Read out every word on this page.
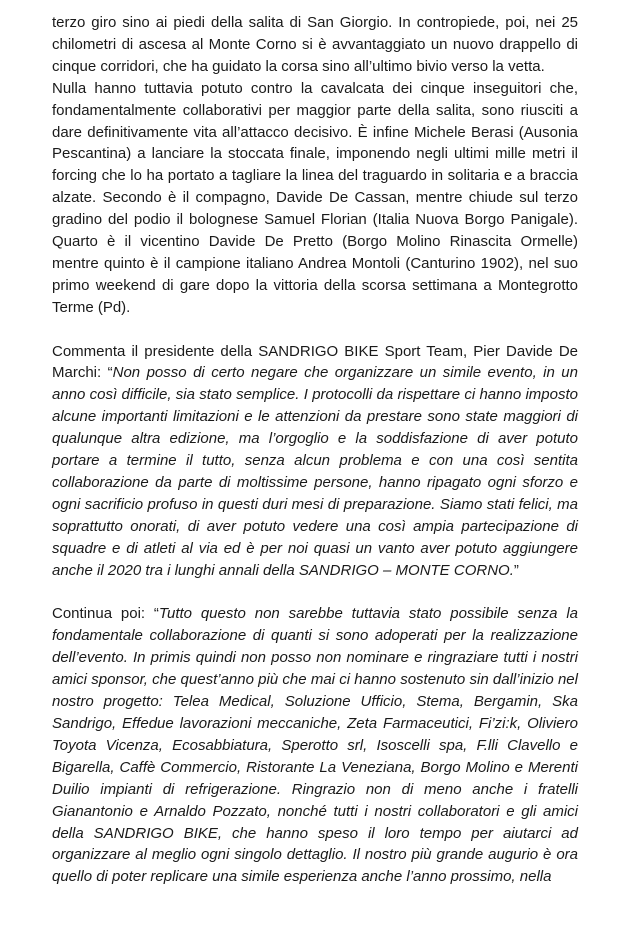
terzo giro sino ai piedi della salita di San Giorgio. In contropiede, poi, nei 25 chilometri di ascesa al Monte Corno si è avvantaggiato un nuovo drappello di cinque corridori, che ha guidato la corsa sino all’ultimo bivio verso la vetta.

Nulla hanno tuttavia potuto contro la cavalcata dei cinque inseguitori che, fondamentalmente collaborativi per maggior parte della salita, sono riusciti a dare definitivamente vita all’attacco decisivo. È infine Michele Berasi (Ausonia Pescantina) a lanciare la stoccata finale, imponendo negli ultimi mille metri il forcing che lo ha portato a tagliare la linea del traguardo in solitaria e a braccia alzate. Secondo è il compagno, Davide De Cassan, mentre chiude sul terzo gradino del podio il bolognese Samuel Florian (Italia Nuova Borgo Panigale). Quarto è il vicentino Davide De Pretto (Borgo Molino Rinascita Ormelle) mentre quinto è il campione italiano Andrea Montoli (Canturino 1902), nel suo primo weekend di gare dopo la vittoria della scorsa settimana a Montegrotto Terme (Pd).

Commenta il presidente della SANDRIGO BIKE Sport Team, Pier Davide De Marchi: “Non posso di certo negare che organizzare un simile evento, in un anno così difficile, sia stato semplice. I protocolli da rispettare ci hanno imposto alcune importanti limitazioni e le attenzioni da prestare sono state maggiori di qualunque altra edizione, ma l’orgoglio e la soddisfazione di aver potuto portare a termine il tutto, senza alcun problema e con una così sentita collaborazione da parte di moltissime persone, hanno ripagato ogni sforzo e ogni sacrificio profuso in questi duri mesi di preparazione. Siamo stati felici, ma soprattutto onorati, di aver potuto vedere una così ampia partecipazione di squadre e di atleti al via ed è per noi quasi un vanto aver potuto aggiungere anche il 2020 tra i lunghi annali della SANDRIGO – MONTE CORNO.”

Continua poi: “Tutto questo non sarebbe tuttavia stato possibile senza la fondamentale collaborazione di quanti si sono adoperati per la realizzazione dell’evento. In primis quindi non posso non nominare e ringraziare tutti i nostri amici sponsor, che quest’anno più che mai ci hanno sostenuto sin dall’inizio nel nostro progetto: Telea Medical, Soluzione Ufficio, Stema, Bergamin, Ska Sandrigo, Effedue lavorazioni meccaniche, Zeta Farmaceutici, Fi’zi:k, Oliviero Toyota Vicenza, Ecosabbiatura, Sperotto srl, Isoscelli spa, F.lli Clavello e Bigarella, Caffè Commercio, Ristorante La Veneziana, Borgo Molino e Merenti Duilio impianti di refrigerazione. Ringrazio non di meno anche i fratelli Gianantonio e Arnaldo Pozzato, nonché tutti i nostri collaboratori e gli amici della SANDRIGO BIKE, che hanno speso il loro tempo per aiutarci ad organizzare al meglio ogni singolo dettaglio. Il nostro più grande augurio è ora quello di poter replicare una simile esperienza anche l’anno prossimo, nella
